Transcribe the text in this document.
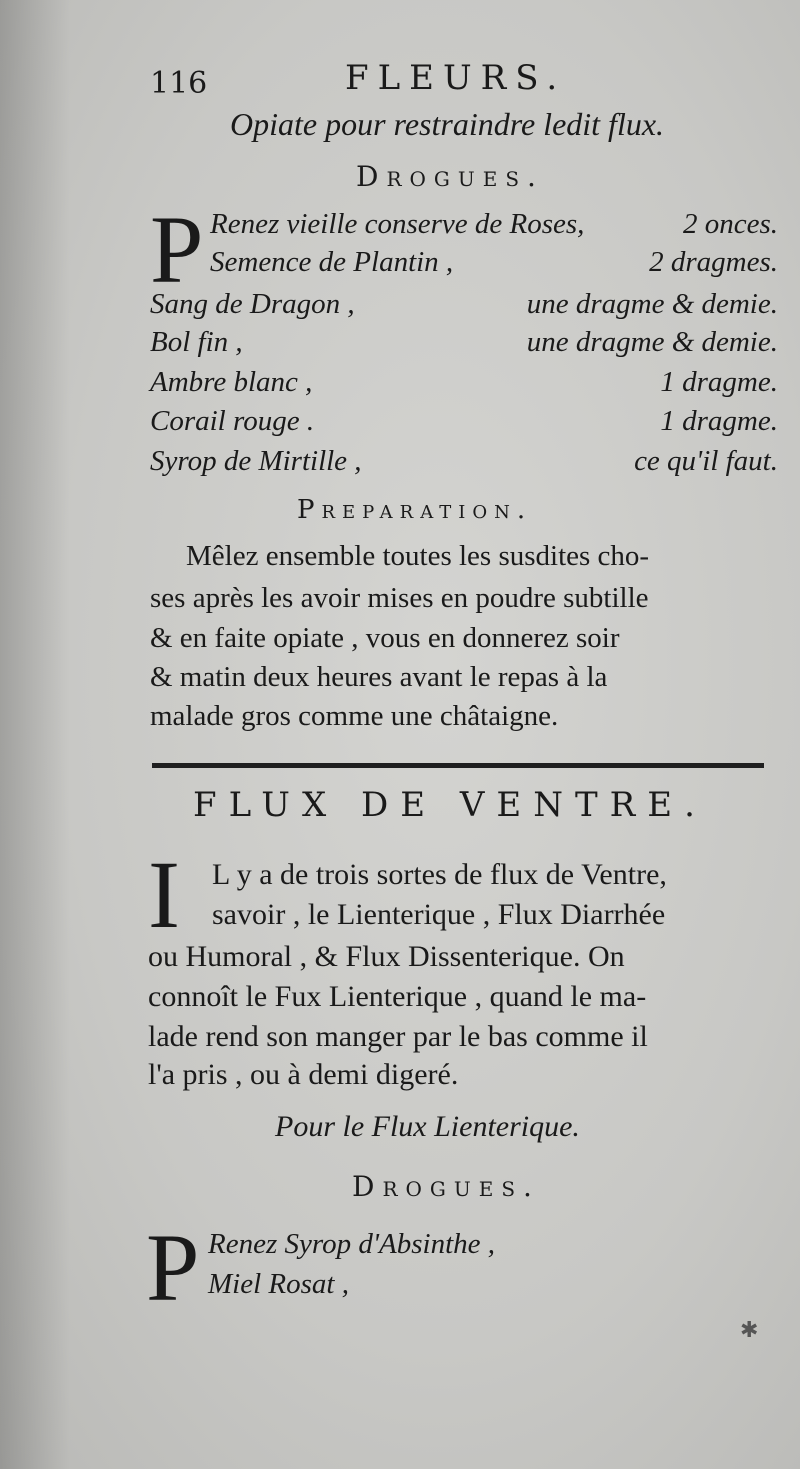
116	FLEURS.
Opiate pour restraindre ledit flux.
Drogues.
P Renez vieille conserve de Roses,	2 onces.
Semence de Plantin ,	2 dragmes.
Sang de Dragon ,	une dragme & demie.
Bol fin ,	une dragme & demie.
Ambre blanc ,	1 dragme.
Corail rouge .	1 dragme.
Syrop de Mirtille ,	ce qu'il faut.
Preparation.
Mêlez ensemble toutes les susdites cho-
ses après les avoir mises en poudre subtille
& en faite opiate , vous en donnerez soir
& matin deux heures avant le repas à la
malade gros comme une châtaigne.
FLUX DE VENTRE.
I L y a de trois sortes de flux de Ventre,
savoir , le Lienterique , Flux Diarrhée
ou Humoral , & Flux Dissenterique. On
connoît le Fux Lienterique , quand le ma-
lade rend son manger par le bas comme il
l'a pris , ou à demi digeré.
Pour le Flux Lienterique.
Drogues.
P Renez Syrop d'Absinthe ,
Miel Rosat ,
✱
